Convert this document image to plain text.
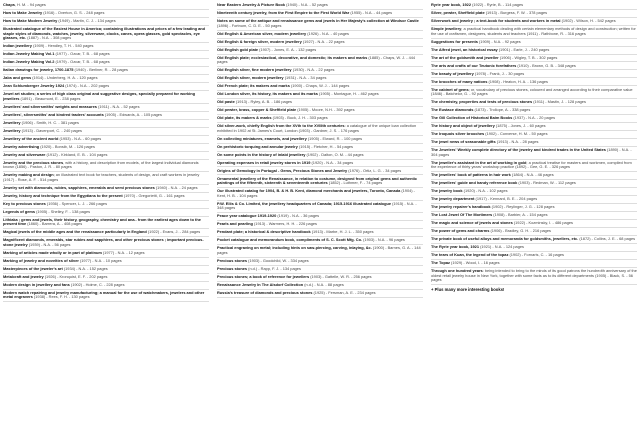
Chaps, H. M. - 94 pages
How to Make Jewelry (1916) - Overton, G. S. - 248 pages
How to Make Modern Jewelry (1949) - Martin, C. J. - 134 pages
Illustrated catalogue of the Easiest House in America; containing illustrations and prices of a few leading and staple styles of diamonds, watches, jewelry, silverware, clocks, canes, opera glasses, gold spectacles, eye glasses, etc. (1887) - N.A. - 308 pages
Indian jewellery (1909) - Hendley, T. H. - 540 pages
Indian Jewelry Making Vol.1 (1977) - Ozcar, T. B. - 68 pages
Indian Jewelry Making Vol.2 (1979) - Ozcar, T. B. - 68 pages
Italian drawings for jewelry, 1700-1875 (1940) - Berliner, R. - 28 pages
Jabs and gems (1914) - Underberg, H. A. - 120 pages
Jean Schlumberger Jewelry 1924 (1974) - N.A. - 202 pages
Jewel art studies; a series of high class original and suggestive designs, specially prepared for working jewellers (1891) - Beaumont, E. - 238 pages
Jewellers' and silversmiths' weights and measures (1911) - N.A. - 52 pages
Jewellers', silversmiths' and kindred traders' accounts (1905) - Edwards, A. - 105 pages
Jewellery (1906) - Smith, H. C. - 381 pages
Jewellery (1913) - Davenport, C. - 240 pages
Jewellery of the ancient world (1953) - N.A. - 60 pages
Jewelry advertising (1920) - Bonsib, M. - 126 pages
Jewelry and silverware (1912) - Kirkland, E. B. - 104 pages
Jewelry and the precious stones, with a history, and description from models, of the largest individual diamonds known (1856) - Paston, J. R. - 80 pages
Jewelry making and design; an illustrated text book for teachers, students of design, and craft workers in jewelry (1917) - Rose, A. F. - 514 pages
Jewelry set with diamonds, rubies, sapphires, emeralds and semi precious stones (1940) - N.A. - 24 pages
Jewelry, history and technique from the Egyptians to the present (1970) - Gregorietti, G. - 161 pages
Key to precious stones (1936) - Spencer, L. J. - 266 pages
Legends of gems (1905) - Shelley, F. - 138 pages
Lithiaka ; gems and jewels, their history, geography, chemistry and ana.. from the earliest ages down to the present time (1860) - Barrera, A. - 408 pages
Magical jewels of the middle ages and the renaissance particularly in England (1922) - Evans, J. - 284 pages
Magnificent diamonds, emeralds, star rubies and sapphires, and other precious stones ; important precious-stone jewelry (1939) - N.A. - 56 pages
Marking of articles made wholly or in part of platinum (1977) - N.A. - 12 pages
Marking of jewelry and novelties of silver (1977) - N.A. - 10 pages
Masterpieces of the jeweler's art (1934) - N.A. - 152 pages
Metalcraft and jewelry (1926) - Kronquist, E. F. - 202 pages
Modern design in jewellery and fans (1902) - Holme, C. - 228 pages
Modern watch repairing and jewelry manufacturing; a manual for the use of watchmakers, jewelers and other metal engravers (1938) - Rees, F. H. - 130 pages
Near Eastern Jewelry A Picture Book (1940) - N.A. - 52 pages
Nineteenth century jewelry, from the First Empire to the First World War (1955) - N.A. - 44 pages
Notes on some of the antique and renaissance gems and jewels in Her Majesty's collection at Windsor Castle (1896) - Fortnum, C. D. E. - 50 pages
Old English & American silver, modern jewellery (1926) - N.A. - 40 pages
Old English & foreign silver, modern jewellery (1927) - N.A. - 22 pages
Old English gold plate (1907) - Jones, E. A. - 132 pages
Old English plate; ecclesiastical, decorative, and domestic; its makers and marks (1885) - Chaps, W. J. - 444 pages
Old English silver, fine modern jewellery (1930) - N.A. - 22 pages
Old English silver, modern jewellery (1931) - N.A. - 34 pages
Old French plate; its makers and marks (1900) - Chaps, W. J. - 144 pages
Old London silver, its history, its makers and its marks (1905) - Montague, H. - 462 pages
Old paste (1913) - Ryley, A. B. - 186 pages
Old pewter, brass, copper & Sheffield plate (1905) - Moore, N.H. - 392 pages
Old plate, its makers & marks (1903) - Buck, J. H. - 303 pages
Old silver-work, chiefly English from the XVth to the XVIIIth centuries: a catalogue of the unique loan collection exhibited in 1902 at St. James's Court, London (1903) - Gardner, J. S. - 176 pages
On collecting miniatures, enamels, and jewellery (1905) - Elward, R. - 100 pages
On prehistoric torquing and annular jewelry (1915) - Fletcher, H. - 54 pages
On some points in the history of inlaid jewellery (1902) - Dalton, O. M. - 44 pages
Operating expenses in retail jewelry stores in 1919 (1920) - N.A. - 34 pages
Origins of Gemology in Portugal - Gems, Precious Stones and Jewelry (1976) - Ortiz, L. G. - 34 pages
Ornamental jewellery of the Renaissance, in relation to costume, designed from original gems and authentic paintings of the fifteenth, sixteenth & seventeenth centuries (1852) - Luthmer, F. - 74 pages
Our illustrated catalog for 1904, B. & H. B. Kent, diamond merchants and jewelers, Toronto, Canada (1904) - Kent, H. B. - 104 pages
P.W. Ellis & Co. Limited, the jewellery headquarters of Canada; 1915-1916 illustrated catalogue (1915) - N.A. - 348 pages
Peace year catalogue 1919-1920 (1919) - N.A. - 36 pages
Pearls and pearling (1913) - Warmers, H. H. - 226 pages
Pendant plate; a historical & descriptive handbook (1913) - Marbe, H. J. L. - 350 pages
Pocket catalogue and memorandum book, compliments of S. C. Scott Mfg. Co. (1903) - N.A. - 96 pages
Practical engraving on metal; including hints on saw-piercing, carving, inlaying, &c. (1900) - Barnes, G. A. - 144 pages
Precious stones (1903) - Goodchild, W. - 334 pages
Precious stones (n.d.) - Rapp, F. J. - 134 pages
Precious stones; a book of reference for jewellers (1903) - Gattelle, W. R. - 256 pages
Renaissance Jewelry In The Alsdorf Collection (n.d.) - N.A. - 88 pages
Russia's treasure of diamonds and precious stones (1925) - Fersman, A. E. - 234 pages
Ryrie year book, 1922 (1922) - Ryrie, B. - 114 pages
Silver, pewter, Sheffield plate (1913) - Burgess, F. W. - 378 pages
Silverwork and jewelry ; a text-book for students and workers in metal (1902) - Wilson, H. - 542 pages
Simple jewellery; a practical handbook dealing with certain elementary methods of design and construction; written for the use of craftsmen, designers, students and teachers (1911) - Rathbone, R. - 316 pages
Suggestions for presents (1909) - N.A. - 92 pages
The Alfred jewel, an historical essay (1901) - Earle, J. - 240 pages
The art of the goldsmith and jeweller (1906) - Wigley, T. B. - 302 pages
The arts and crafts of our Teutonic forefathers (1910) - Brown, G. B. - 348 pages
The beauty of jewellery (1978) - Frank, J. - 30 pages
The brooches of many nations (1908) - Heaton, H. A. - 136 pages
The cabinet of gems; or, vocabulary of precious stones, coloured and arranged according to their comparative value (1846) - Batchelor, G. - 92 pages
The chemistry, properties and tests of precious stones (1911) - Mastin, J. - 128 pages
The Eustace diamonds (1873) - Trollope, A. - 338 pages
The Gill Collection of Historical Baim Books (1937) - N.A. - 20 pages
The history and object of jewellery (1875) - Jones, J. - 60 pages
The Iroquois silver brooches (1902) - Converse, H. M. - 50 pages
The jewel news of seasonable gifts (1913) - N.A. - 28 pages
The Jewelers' Weekly complete directory of the jewelry and kindred trades in the United States (1890) - N.A. - 304 pages
The jeweller's assistant in the art of working in gold; a practical treatise for masters and workmen, compiled from the experience of thirty years' workshop practice (1892) - Gee, G. E. - 326 pages
The jewellers' book of patterns in hair work (1864) - N.A. - 46 pages
The jewellers' guide and handy reference book (1903) - Redman, W. - 112 pages
The jewelry book (1920) - N.A. - 102 pages
The jewelry department (1917) - Kennard, B. E. - 204 pages
The jewelry repairer's handbook (1902) - Reylinger, J. G. - 128 pages
The Lost Jewel Of The Mortimers (1908) - Barbier, A. - 154 pages
The magic and science of jewels and stones (1922) - Kozminsky, I. - 486 pages
The power of gems and charms (1906) - Bradley, G. H. - 216 pages
The private book of useful alloys and memoranda for goldsmiths, jewellers, etc. (1872) - Collins, J. E. - 68 pages
The Ryrie year book, 1921 (1921) - N.A. - 124 pages
The tears of Kuan, the legend of the topaz (1902) - Fornaris, C. - 16 pages
The Topaz (1929) - Wood, I. - 16 pages
Through one hundred years: being intended to bring to the minds of its good patrons the hundredth anniversary of the oldest retail jewelry house in New York, together with some facts as to its different departments (1905) - Black, S. - 56 pages
+ Plus many more interesting books!
